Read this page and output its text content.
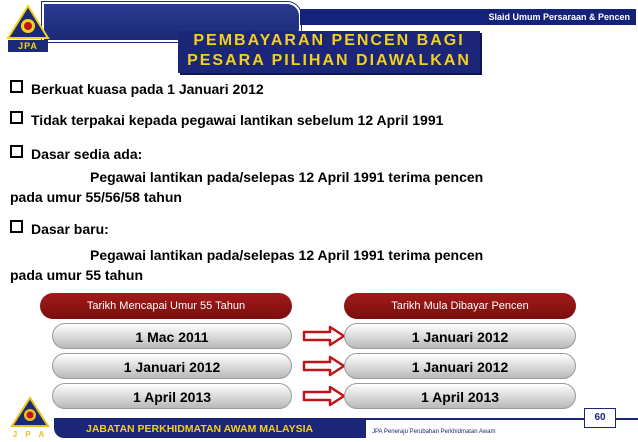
Slaid Umum Persaraan & Pencen
JPA	PEMBAYARAN PENCEN BAGI
PESARA PILIHAN DIAWALKAN
Berkuat kuasa pada 1 Januari 2012
Tidak terpakai kepada pegawai lantikan sebelum 12 April 1991
Dasar sedia ada:
Pegawai lantikan pada/selepas 12 April 1991 terima pencen
pada umur 55/56/58 tahun
Dasar baru:
Pegawai lantikan pada/selepas 12 April 1991 terima pencen
pada umur 55 tahun
Tarikh Mencapai Umur 55 Tahun	Tarikh Mula Dibayar Pencen
1 Mac 2011	1 Januari 2012
1 Januari 2012	1 Januari 2012
1 April 2013	1 April 2013
JABATAN PERKHIDMATAN AWAM MALAYSIA	JPA Peneraju Perubahan Perkhidmatan Awam
60
J P A
